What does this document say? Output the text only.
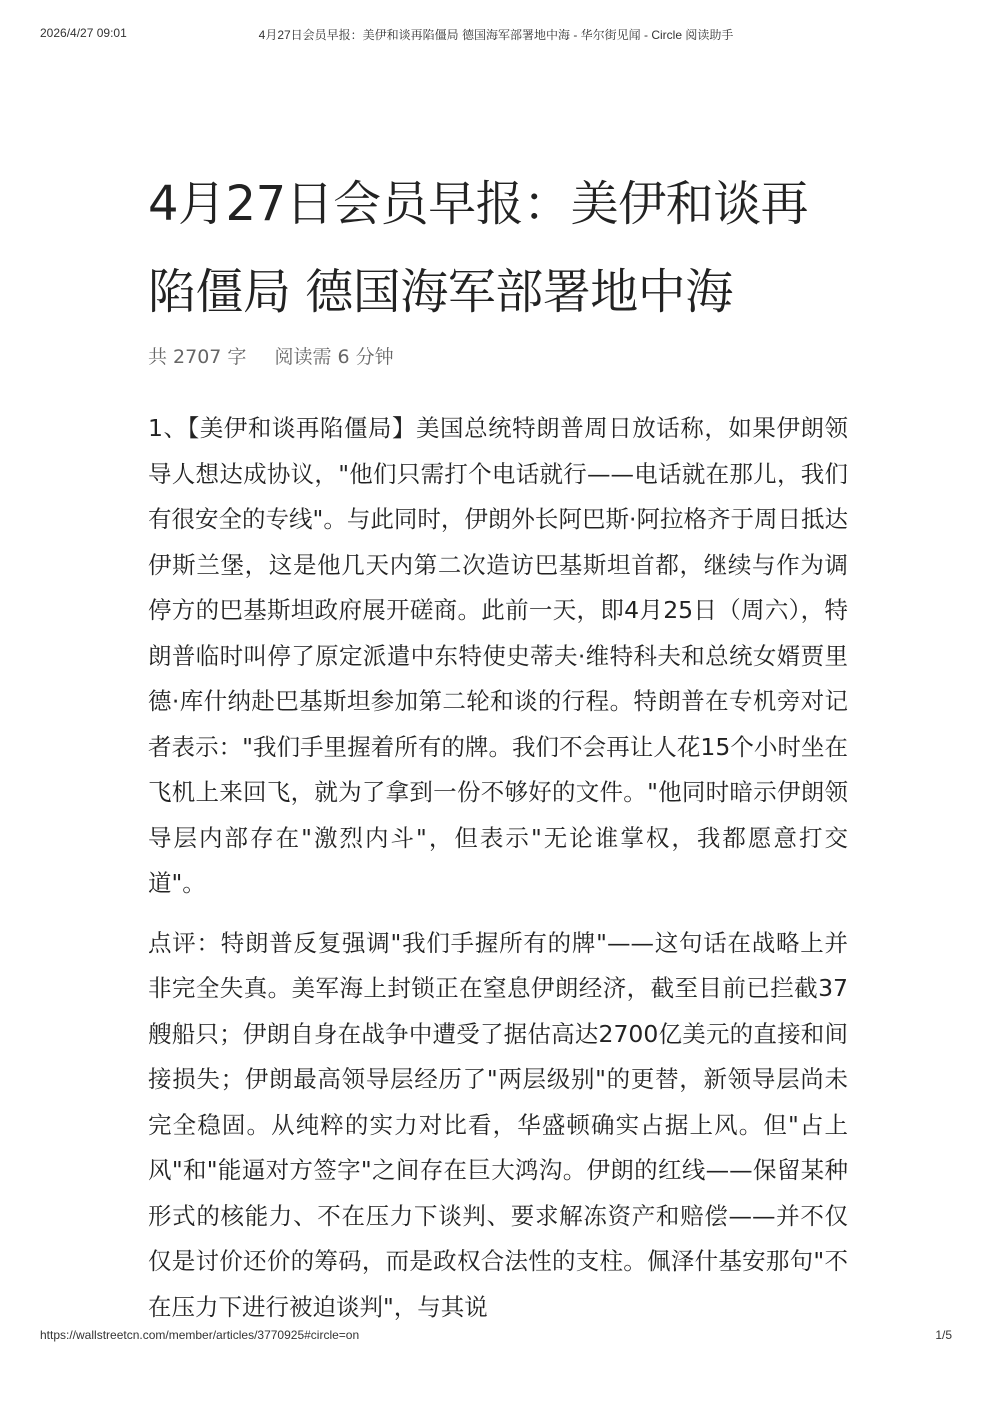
2026/4/27 09:01	4月27日会员早报：美伊和谈再陷僵局 德国海军部署地中海 - 华尔街见闻 - Circle 阅读助手
4月27日会员早报：美伊和谈再
陷僵局 德国海军部署地中海
共 2707 字 阅读需 6 分钟

1、【美伊和谈再陷僵局】美国总统特朗普周日放话称，如果伊朗领导人想达成协议，"他们只需打个电话就行——电话就在那儿，我们有很安全的专线"。与此同时，伊朗外长阿巴斯·阿拉格齐于周日抵达伊斯兰堡，这是他几天内第二次造访巴基斯坦首都，继续与作为调停方的巴基斯坦政府展开磋商。此前一天，即4月25日（周六），特朗普临时叫停了原定派遣中东特使史蒂夫·维特科夫和总统女婿贾里德·库什纳赴巴基斯坦参加第二轮和谈的行程。特朗普在专机旁对记者表示："我们手里握着所有的牌。我们不会再让人花15个小时坐在飞机上来回飞，就为了拿到一份不够好的文件。"他同时暗示伊朗领导层内部存在"激烈内斗"，但表示"无论谁掌权，我都愿意打交道"。

点评：特朗普反复强调"我们手握所有的牌"——这句话在战略上并非完全失真。美军海上封锁正在窒息伊朗经济，截至目前已拦截37艘船只；伊朗自身在战争中遭受了据估高达2700亿美元的直接和间接损失；伊朗最高领导层经历了"两层级别"的更替，新领导层尚未完全稳固。从纯粹的实力对比看，华盛顿确实占据上风。但"占上风"和"能逼对方签字"之间存在巨大鸿沟。伊朗的红线——保留某种形式的核能力、不在压力下谈判、要求解冻资产和赔偿——并不仅仅是讨价还价的筹码，而是政权合法性的支柱。佩泽什基安那句"不在压力下进行被迫谈判"，与其说

https://wallstreetcn.com/member/articles/3770925#circle=on	1/5
